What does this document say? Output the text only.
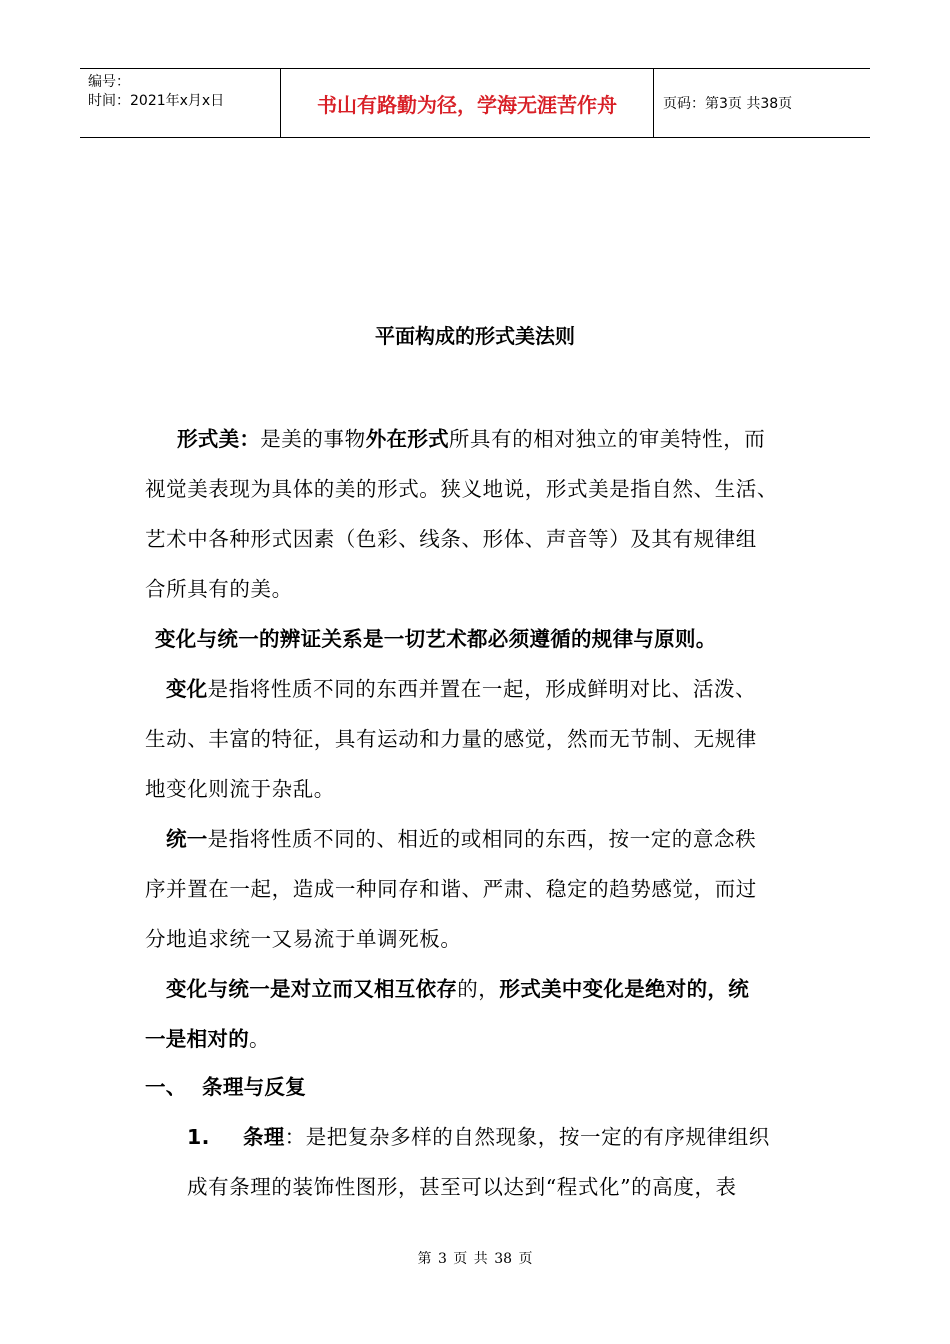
编号：
时间：2021年x月x日	书山有路勤为径，学海无涯苦作舟	页码：第3页 共38页
平面构成的形式美法则
形式美：是美的事物外在形式所具有的相对独立的审美特性，而
视觉美表现为具体的美的形式。狭义地说，形式美是指自然、生活、
艺术中各种形式因素（色彩、线条、形体、声音等）及其有规律组
合所具有的美。
变化与统一的辨证关系是一切艺术都必须遵循的规律与原则。
变化是指将性质不同的东西并置在一起，形成鲜明对比、活泼、
生动、丰富的特征，具有运动和力量的感觉，然而无节制、无规律
地变化则流于杂乱。
统一是指将性质不同的、相近的或相同的东西，按一定的意念秩
序并置在一起，造成一种同存和谐、严肃、稳定的趋势感觉，而过
分地追求统一又易流于单调死板。
变化与统一是对立而又相互依存的，形式美中变化是绝对的，统
一是相对的。
一、 条理与反复
1. 条理：是把复杂多样的自然现象，按一定的有序规律组织
成有条理的装饰性图形，甚至可以达到“程式化”的高度，表
第 3 页 共 38 页
